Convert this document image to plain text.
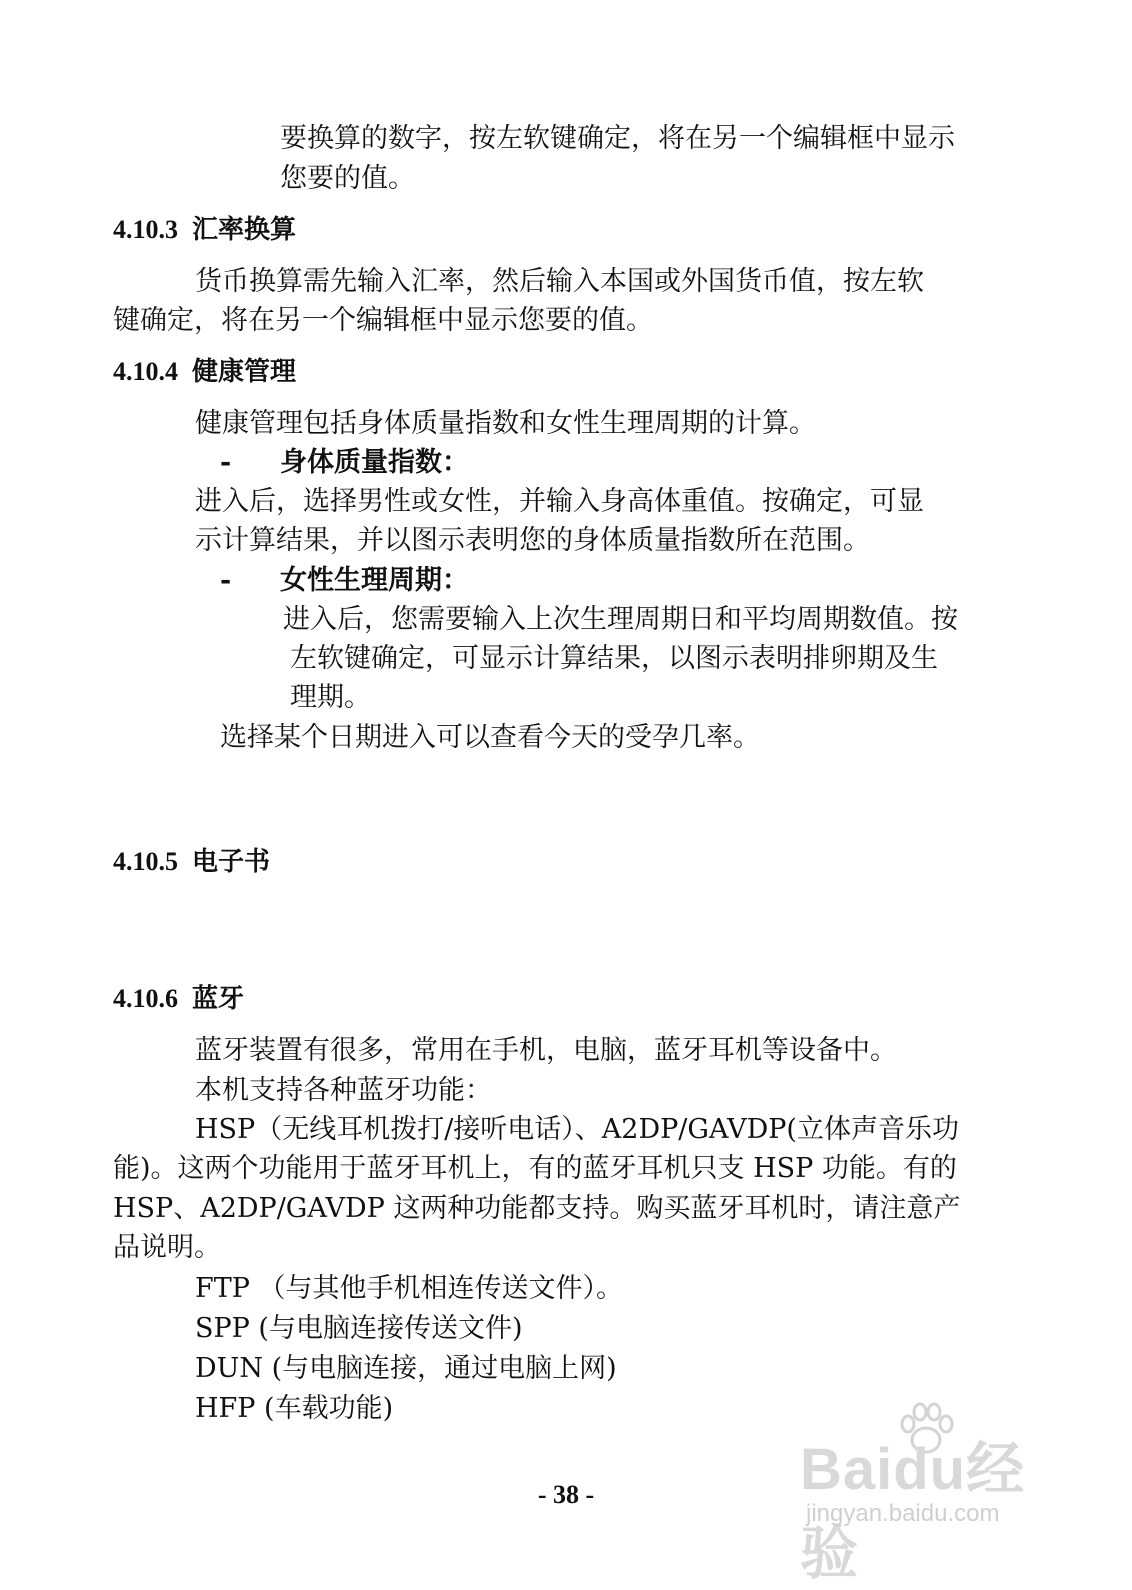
要换算的数字，按左软键确定，将在另一个编辑框中显示
您要的值。
4.10.3 汇率换算
货币换算需先输入汇率，然后输入本国或外国货币值，按左软
键确定，将在另一个编辑框中显示您要的值。
4.10.4 健康管理
健康管理包括身体质量指数和女性生理周期的计算。
- 身体质量指数：
进入后，选择男性或女性，并输入身高体重值。按确定，可显
示计算结果，并以图示表明您的身体质量指数所在范围。
- 女性生理周期：
进入后，您需要输入上次生理周期日和平均周期数值。按
左软键确定，可显示计算结果，以图示表明排卵期及生
理期。
选择某个日期进入可以查看今天的受孕几率。
4.10.5 电子书
4.10.6 蓝牙
蓝牙装置有很多，常用在手机，电脑，蓝牙耳机等设备中。
本机支持各种蓝牙功能：
HSP（无线耳机拨打/接听电话）、A2DP/GAVDP(立体声音乐功
能)。这两个功能用于蓝牙耳机上，有的蓝牙耳机只支 HSP 功能。有的
HSP、A2DP/GAVDP 这两种功能都支持。购买蓝牙耳机时，请注意产
品说明。
FTP （与其他手机相连传送文件）。
SPP (与电脑连接传送文件)
DUN (与电脑连接，通过电脑上网)
HFP (车载功能)
Baidu经验
jingyan.baidu.com
- 38 -
